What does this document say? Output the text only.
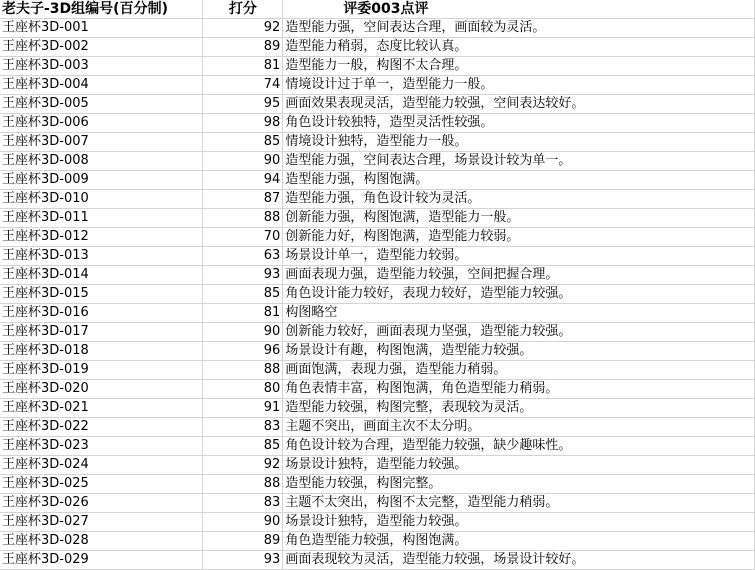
老夫子-3D组编号(百分制)	打分	评委003点评
王座杯3D-001	92	造型能力强，空间表达合理，画面较为灵活。
王座杯3D-002	89	造型能力稍弱，态度比较认真。
王座杯3D-003	81	造型能力一般，构图不太合理。
王座杯3D-004	74	情境设计过于单一，造型能力一般。
王座杯3D-005	95	画面效果表现灵活，造型能力较强，空间表达较好。
王座杯3D-006	98	角色设计较独特，造型灵活性较强。
王座杯3D-007	85	情境设计独特，造型能力一般。
王座杯3D-008	90	造型能力强，空间表达合理，场景设计较为单一。
王座杯3D-009	94	造型能力强，构图饱满。
王座杯3D-010	87	造型能力强，角色设计较为灵活。
王座杯3D-011	88	创新能力强，构图饱满，造型能力一般。
王座杯3D-012	70	创新能力好，构图饱满，造型能力较弱。
王座杯3D-013	63	场景设计单一，造型能力较弱。
王座杯3D-014	93	画面表现力强，造型能力较强，空间把握合理。
王座杯3D-015	85	角色设计能力较好，表现力较好，造型能力较强。
王座杯3D-016	81	构图略空
王座杯3D-017	90	创新能力较好，画面表现力坚强，造型能力较强。
王座杯3D-018	96	场景设计有趣，构图饱满，造型能力较强。
王座杯3D-019	88	画面饱满，表现力强，造型能力稍弱。
王座杯3D-020	80	角色表情丰富，构图饱满，角色造型能力稍弱。
王座杯3D-021	91	造型能力较强，构图完整，表现较为灵活。
王座杯3D-022	83	主题不突出，画面主次不太分明。
王座杯3D-023	85	角色设计较为合理，造型能力较强，缺少趣味性。
王座杯3D-024	92	场景设计独特，造型能力较强。
王座杯3D-025	88	造型能力较强，构图完整。
王座杯3D-026	83	主题不太突出，构图不太完整，造型能力稍弱。
王座杯3D-027	90	场景设计独特，造型能力较强。
王座杯3D-028	89	角色造型能力较强，构图饱满。
王座杯3D-029	93	画面表现较为灵活，造型能力较强，场景设计较好。
